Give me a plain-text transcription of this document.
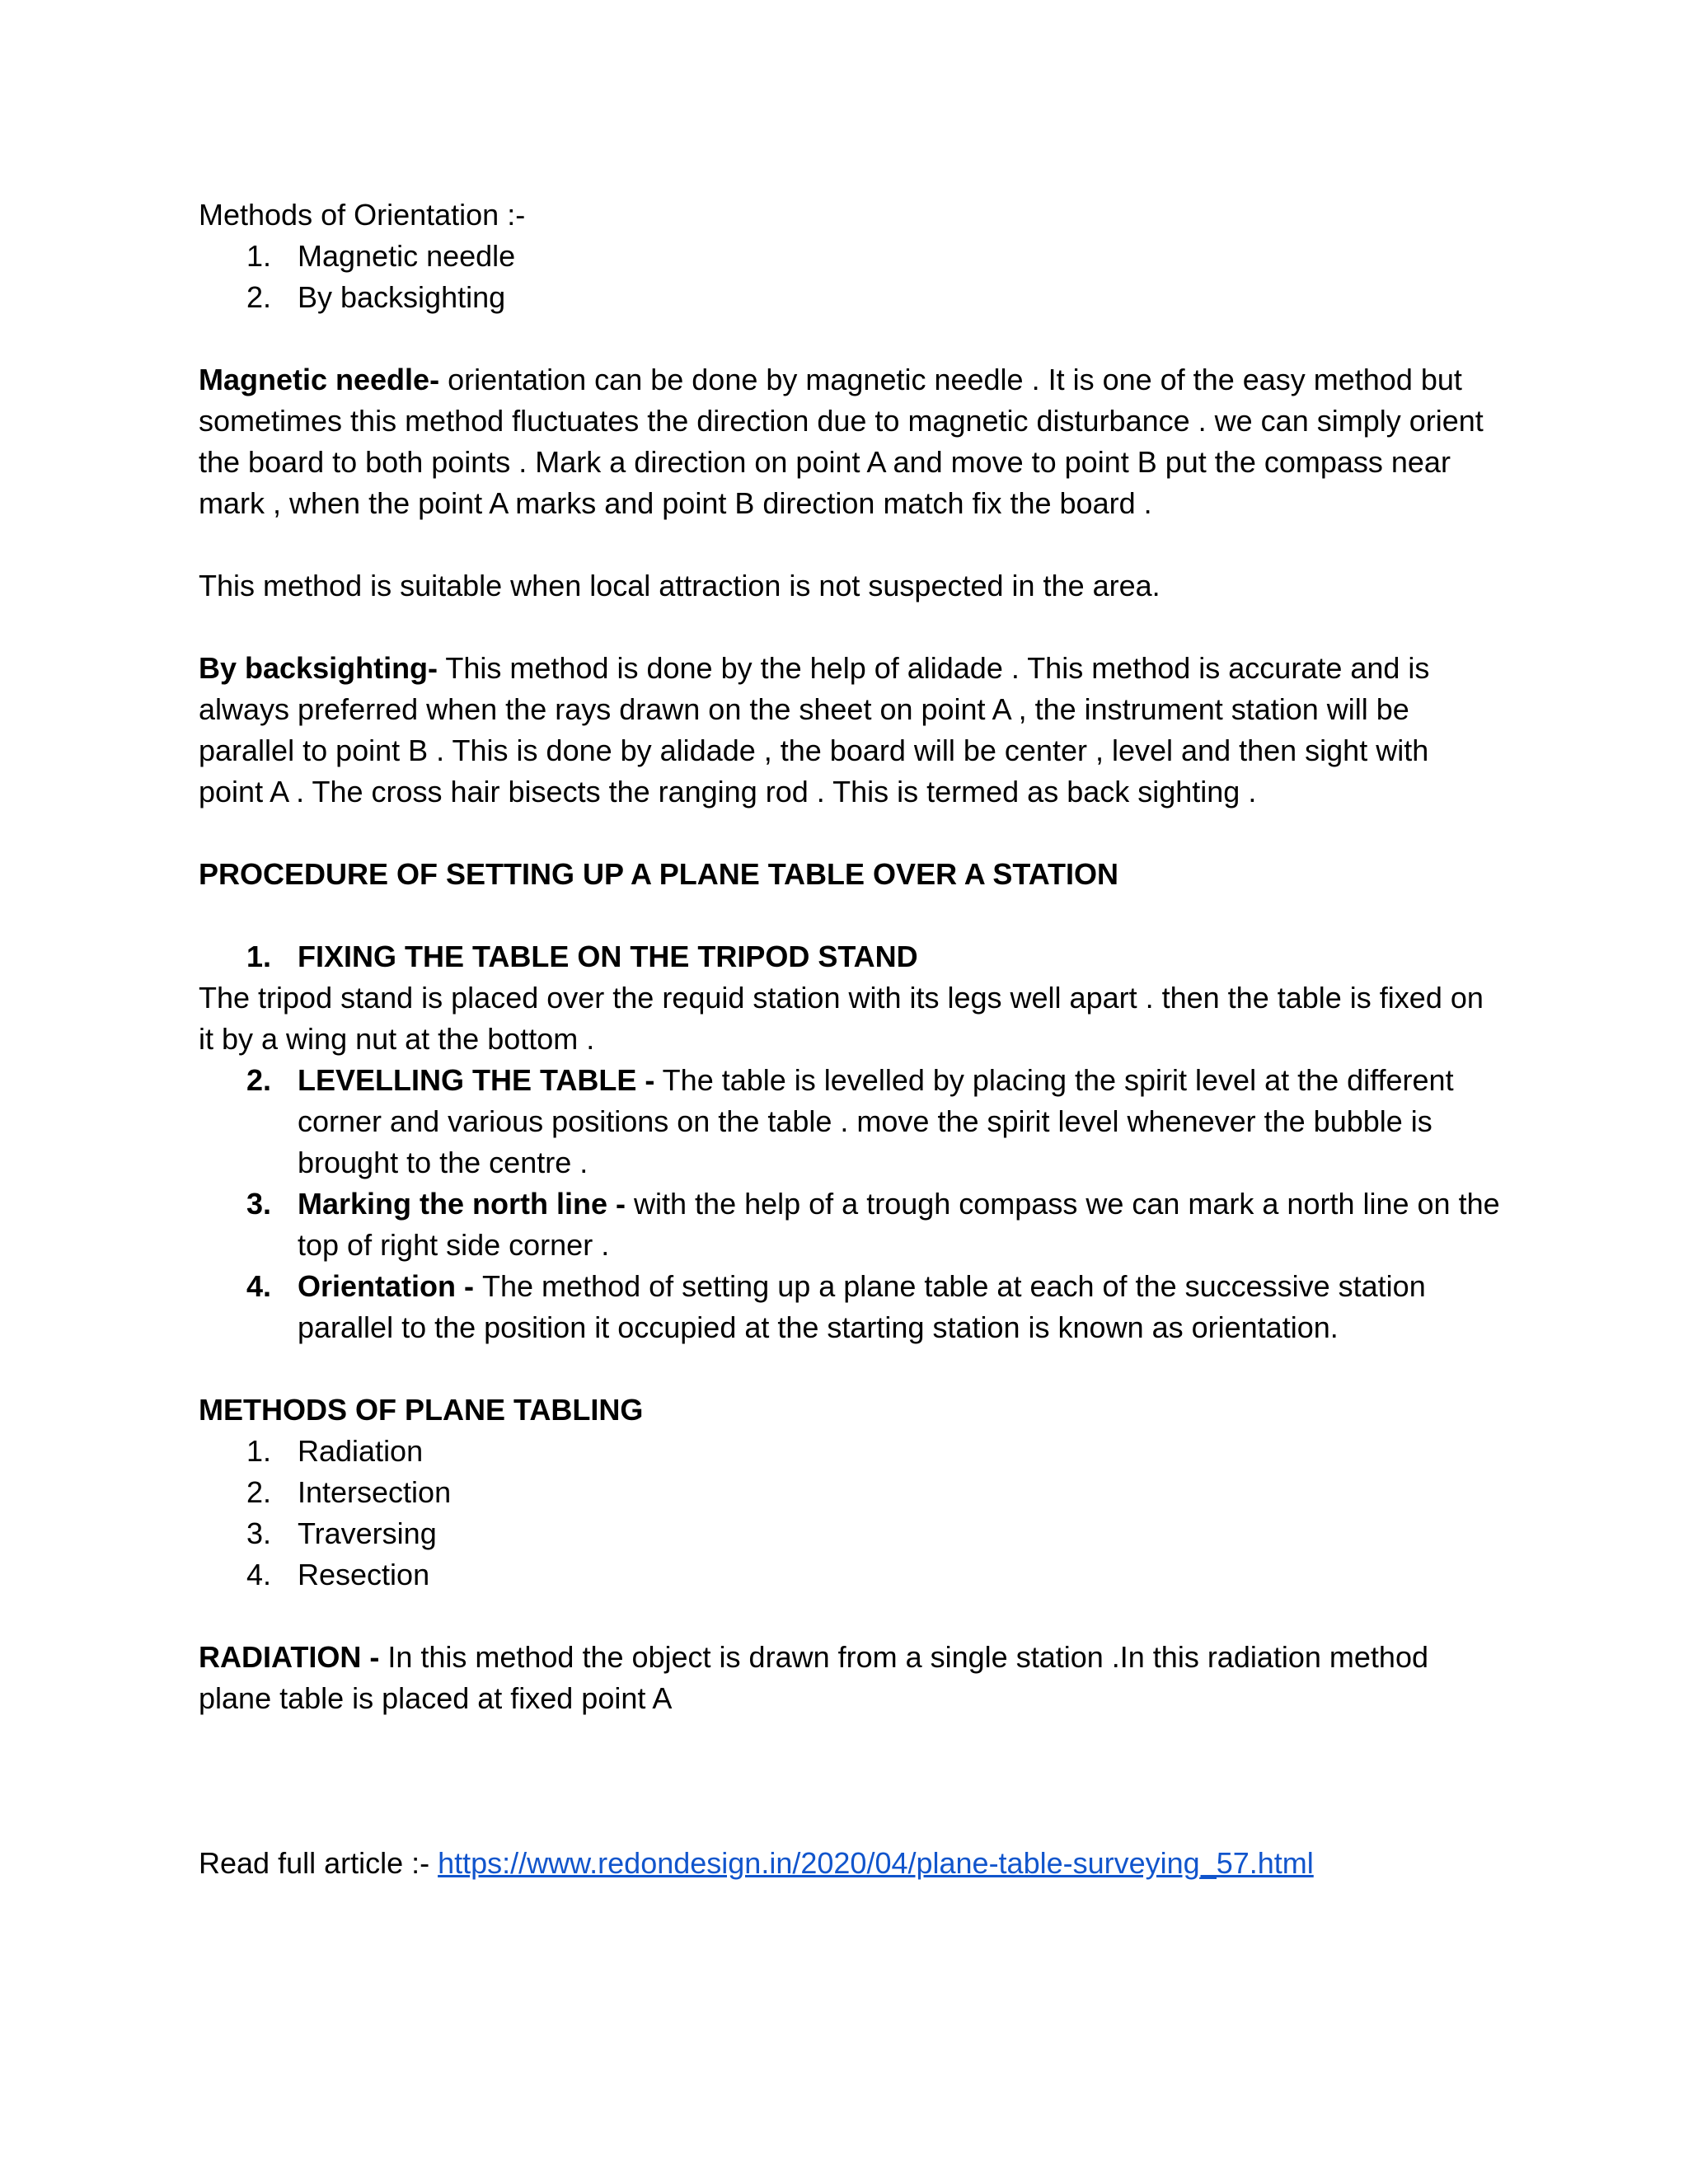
Methods of Orientation :-

1. Magnetic needle
2. By backsighting

Magnetic needle- orientation can be done by magnetic needle . It is one of the easy method but sometimes this method fluctuates the direction due to magnetic disturbance . we can simply orient the board to both points . Mark a direction on point A and move to point B put the compass near mark , when the point A marks and point B direction match fix the board .

This method is suitable when local attraction is not suspected in the area.

By backsighting- This method is done by the help of alidade . This method is accurate and is always preferred when the rays drawn on the sheet on point A , the instrument station will be parallel to point B . This is done by alidade , the board will be center , level and then sight with point A . The cross hair bisects the ranging rod . This is termed as back sighting .

PROCEDURE OF SETTING UP A PLANE TABLE OVER A STATION

1. FIXING THE TABLE ON THE TRIPOD STAND

The tripod stand is placed over the requid station with its legs well apart . then the table is fixed on it by a wing nut at the bottom .

2. LEVELLING THE TABLE - The table is levelled by placing the spirit level at the different corner and various positions on the table . move the spirit level whenever the bubble is brought to the centre .
3. Marking the north line - with the help of a trough compass we can mark a north line on the top of right side corner .
4. Orientation - The method of setting up a plane table at each of the successive station parallel to the position it occupied at the starting station is known as orientation.

METHODS OF PLANE TABLING

1. Radiation
2. Intersection
3. Traversing
4. Resection

RADIATION - In this method the object is drawn from a single station .In this radiation method plane table is placed at fixed point A

Read full article :- https://www.redondesign.in/2020/04/plane-table-surveying_57.html
